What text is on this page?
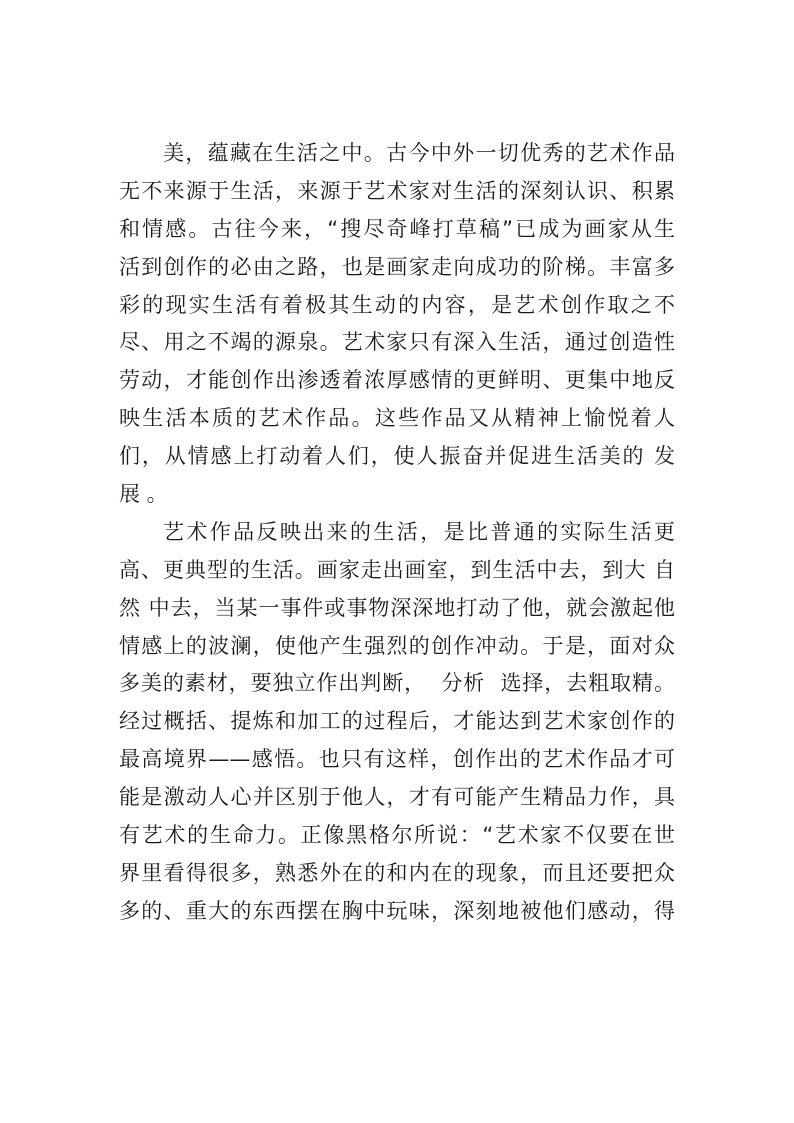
美，蕴藏在生活之中。古今中外一切优秀的艺术作品
无不来源于生活，来源于艺术家对生活的深刻认识、积累
和情感。古往今来，“搜尽奇峰打草稿”已成为画家从生
活到创作的必由之路，也是画家走向成功的阶梯。丰富多
彩的现实生活有着极其生动的内容，是艺术创作取之不
尽、用之不竭的源泉。艺术家只有深入生活，通过创造性
劳动，才能创作出渗透着浓厚感情的更鲜明、更集中地反
映生活本质的艺术作品。这些作品又从精神上愉悦着人
们，从情感上打动着人们，使人振奋并促进生活美的 发
展 。
艺术作品反映出来的生活，是比普通的实际生活更
高、更典型的生活。画家走出画室，到生活中去，到大 自
然 中去，当某一事件或事物深深地打动了他，就会激起他
情感上的波澜，使他产生强烈的创作冲动。于是，面对众
多美的素材，要独立作出判断，  分析  选择，去粗取精。
经过概括、提炼和加工的过程后，才能达到艺术家创作的
最高境界——感悟。也只有这样，创作出的艺术作品才可
能是激动人心并区别于他人，才有可能产生精品力作，具
有艺术的生命力。正像黑格尔所说：“艺术家不仅要在世
界里看得很多，熟悉外在的和内在的现象，而且还要把众
多的、重大的东西摆在胸中玩味，深刻地被他们感动，得
